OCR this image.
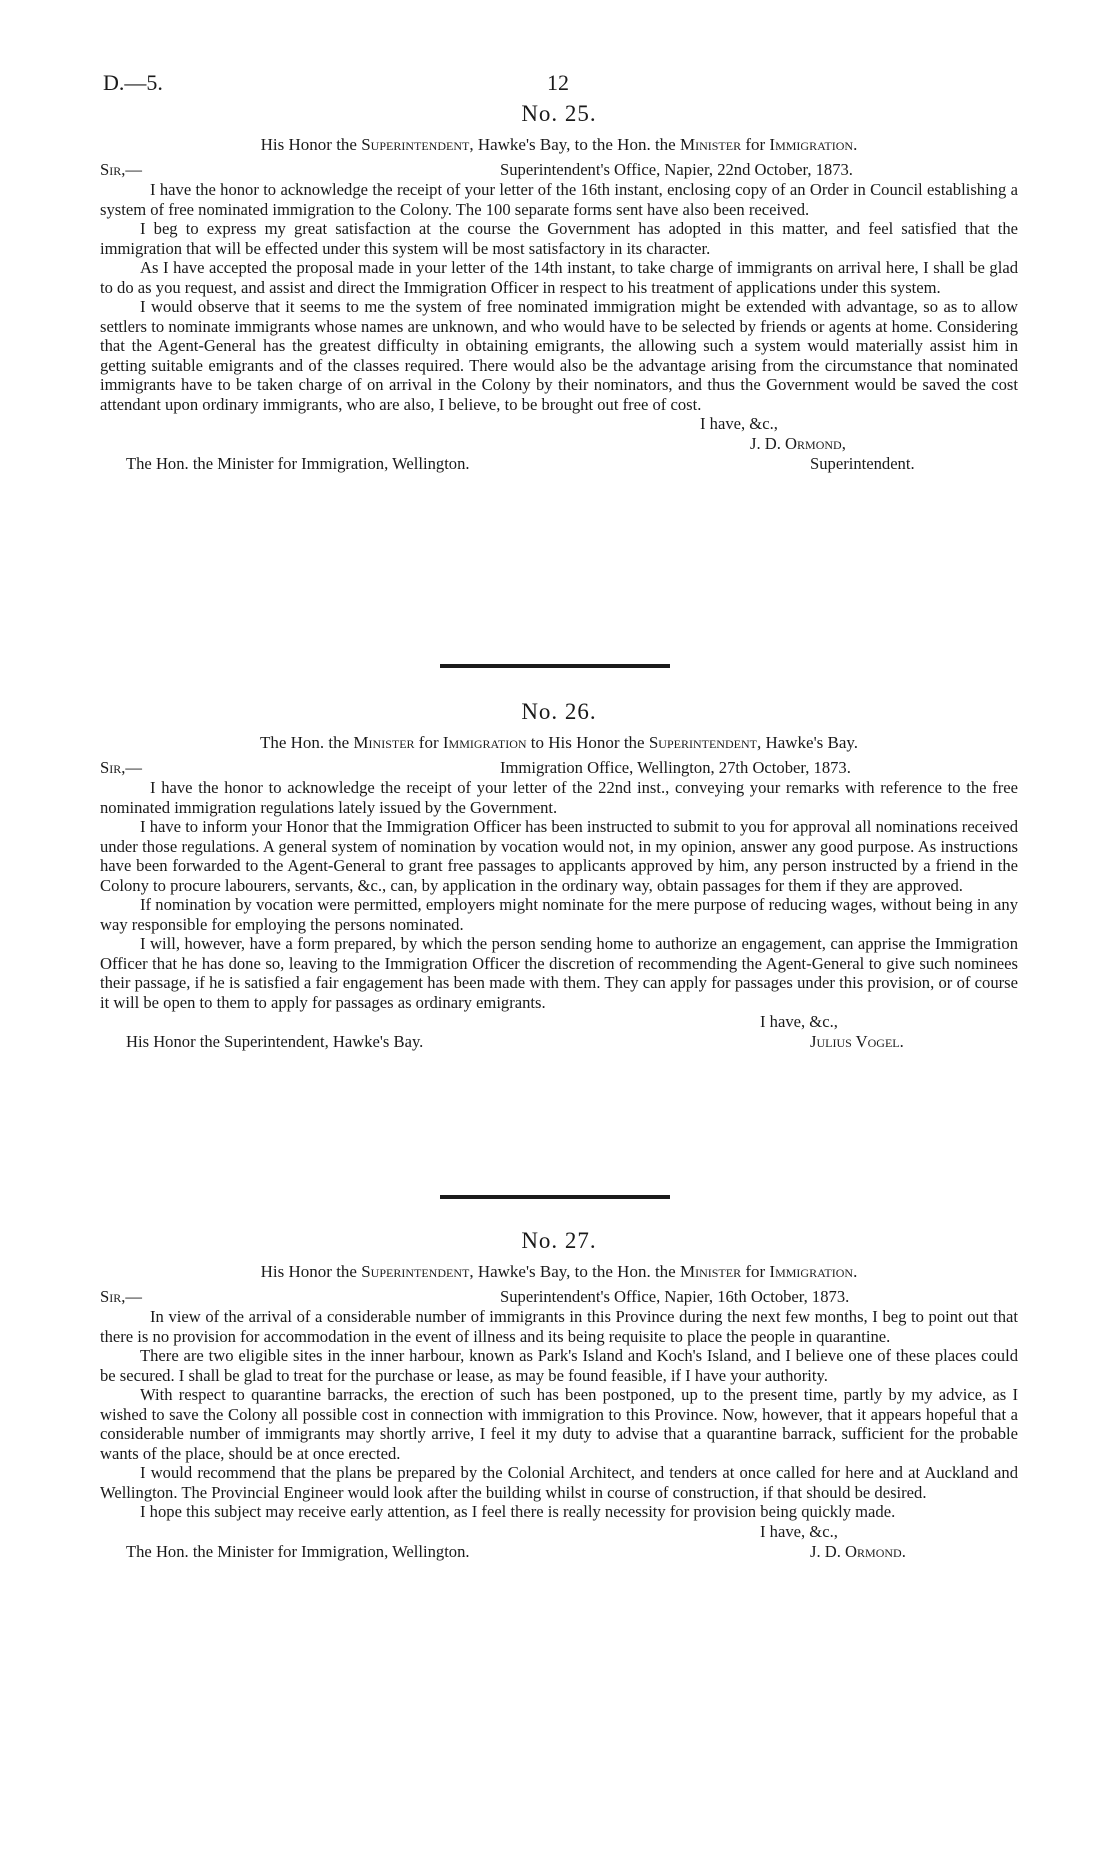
D.—5.	12
No. 25.
His Honor the Superintendent, Hawke's Bay, to the Hon. the Minister for Immigration.
Sir,—	Superintendent's Office, Napier, 22nd October, 1873.

I have the honor to acknowledge the receipt of your letter of the 16th instant, enclosing copy of an Order in Council establishing a system of free nominated immigration to the Colony. The 100 separate forms sent have also been received.

I beg to express my great satisfaction at the course the Government has adopted in this matter, and feel satisfied that the immigration that will be effected under this system will be most satisfactory in its character.

As I have accepted the proposal made in your letter of the 14th instant, to take charge of immigrants on arrival here, I shall be glad to do as you request, and assist and direct the Immigration Officer in respect to his treatment of applications under this system.

I would observe that it seems to me the system of free nominated immigration might be extended with advantage, so as to allow settlers to nominate immigrants whose names are unknown, and who would have to be selected by friends or agents at home. Considering that the Agent-General has the greatest difficulty in obtaining emigrants, the allowing such a system would materially assist him in getting suitable emigrants and of the classes required. There would also be the advantage arising from the circumstance that nominated immigrants have to be taken charge of on arrival in the Colony by their nominators, and thus the Government would be saved the cost attendant upon ordinary immigrants, who are also, I believe, to be brought out free of cost.

I have, &c.,
J. D. Ormond,
The Hon. the Minister for Immigration, Wellington.	Superintendent.
No. 26.
The Hon. the Minister for Immigration to His Honor the Superintendent, Hawke's Bay.
Sir,—	Immigration Office, Wellington, 27th October, 1873.

I have the honor to acknowledge the receipt of your letter of the 22nd inst., conveying your remarks with reference to the free nominated immigration regulations lately issued by the Government.

I have to inform your Honor that the Immigration Officer has been instructed to submit to you for approval all nominations received under those regulations. A general system of nomination by vocation would not, in my opinion, answer any good purpose. As instructions have been forwarded to the Agent-General to grant free passages to applicants approved by him, any person instructed by a friend in the Colony to procure labourers, servants, &c., can, by application in the ordinary way, obtain passages for them if they are approved.

If nomination by vocation were permitted, employers might nominate for the mere purpose of reducing wages, without being in any way responsible for employing the persons nominated.

I will, however, have a form prepared, by which the person sending home to authorize an engagement, can apprise the Immigration Officer that he has done so, leaving to the Immigration Officer the discretion of recommending the Agent-General to give such nominees their passage, if he is satisfied a fair engagement has been made with them. They can apply for passages under this provision, or of course it will be open to them to apply for passages as ordinary emigrants.

I have, &c.,
His Honor the Superintendent, Hawke's Bay.	Julius Vogel.
No. 27.
His Honor the Superintendent, Hawke's Bay, to the Hon. the Minister for Immigration.
Sir,—	Superintendent's Office, Napier, 16th October, 1873.

In view of the arrival of a considerable number of immigrants in this Province during the next few months, I beg to point out that there is no provision for accommodation in the event of illness and its being requisite to place the people in quarantine.

There are two eligible sites in the inner harbour, known as Park's Island and Koch's Island, and I believe one of these places could be secured. I shall be glad to treat for the purchase or lease, as may be found feasible, if I have your authority.

With respect to quarantine barracks, the erection of such has been postponed, up to the present time, partly by my advice, as I wished to save the Colony all possible cost in connection with immigration to this Province. Now, however, that it appears hopeful that a considerable number of immigrants may shortly arrive, I feel it my duty to advise that a quarantine barrack, sufficient for the probable wants of the place, should be at once erected.

I would recommend that the plans be prepared by the Colonial Architect, and tenders at once called for here and at Auckland and Wellington. The Provincial Engineer would look after the building whilst in course of construction, if that should be desired.

I hope this subject may receive early attention, as I feel there is really necessity for provision being quickly made.

I have, &c.,
The Hon. the Minister for Immigration, Wellington.	J. D. Ormond.
